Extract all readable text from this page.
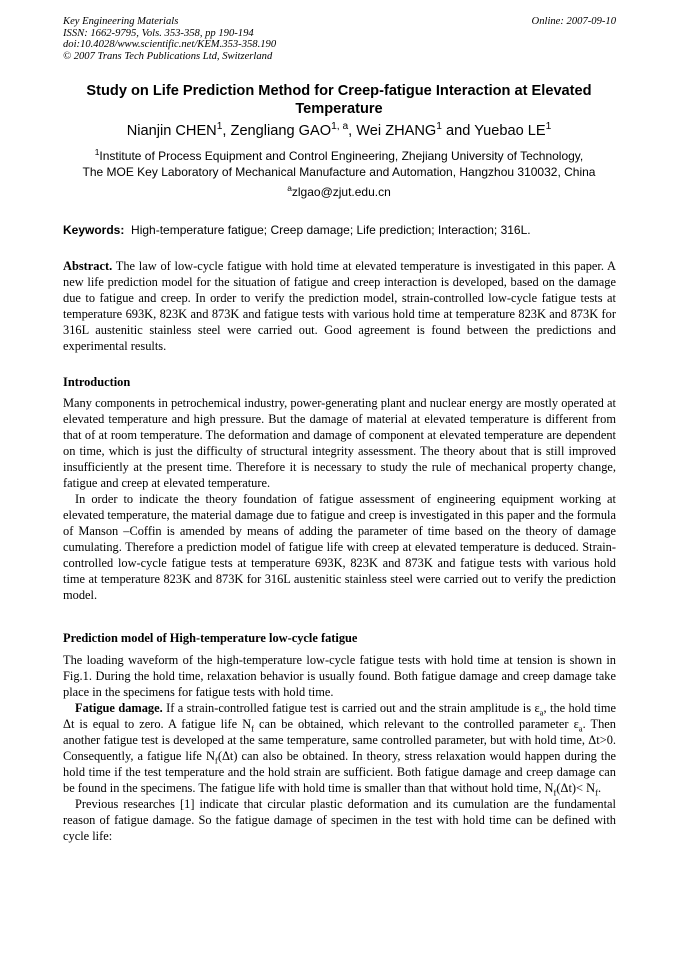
Key Engineering Materials
ISSN: 1662-9795, Vols. 353-358, pp 190-194
doi:10.4028/www.scientific.net/KEM.353-358.190
© 2007 Trans Tech Publications Ltd, Switzerland
Online: 2007-09-10
Study on Life Prediction Method for Creep-fatigue Interaction at Elevated Temperature
Nianjin CHEN$^1$, Zengliang GAO$^{1, a}$, Wei ZHANG$^1$ and Yuebao $LE^1$
$^1$Institute of Process Equipment and Control Engineering, Zhejiang University of Technology,
The MOE Key Laboratory of Mechanical Manufacture and Automation, Hangzhou 310032, China
$^a$zlgao@zjut.edu.cn
Keywords: High-temperature fatigue; Creep damage; Life prediction; Interaction; 316L.

Abstract. The law of low-cycle fatigue with hold time at elevated temperature is investigated in this paper. A new life prediction model for the situation of fatigue and creep interaction is developed, based on the damage due to fatigue and creep. In order to verify the prediction model, strain-controlled low-cycle fatigue tests at temperature 693K, 823K and 873K and fatigue tests with various hold time at temperature 823K and 873K for 316L austenitic stainless steel were carried out. Good agreement is found between the predictions and experimental results.

Introduction

Many components in petrochemical industry, power-generating plant and nuclear energy are mostly operated at elevated temperature and high pressure. But the damage of material at elevated temperature is different from that of at room temperature. The deformation and damage of component at elevated temperature are dependent on time, which is just the difficulty of structural integrity assessment. The theory about that is still improved insufficiently at the present time. Therefore it is necessary to study the rule of mechanical property change, fatigue and creep at elevated temperature.

In order to indicate the theory foundation of fatigue assessment of engineering equipment working at elevated temperature, the material damage due to fatigue and creep is investigated in this paper and the formula of Manson –Coffin is amended by means of adding the parameter of time based on the theory of damage cumulating. Therefore a prediction model of fatigue life with creep at elevated temperature is deduced. Strain-controlled low-cycle fatigue tests at temperature 693K, 823K and 873K and fatigue tests with various hold time at temperature 823K and 873K for 316L austenitic stainless steel were carried out to verify the prediction model.

Prediction model of High-temperature low-cycle fatigue

The loading waveform of the high-temperature low-cycle fatigue tests with hold time at tension is shown in Fig.1. During the hold time, relaxation behavior is usually found. Both fatigue damage and creep damage take place in the specimens for fatigue tests with hold time.

Fatigue damage. If a strain-controlled fatigue test is carried out and the strain amplitude is $\varepsilon_a$, the hold time Δt is equal to zero. A fatigue life $N_f$ can be obtained, which relevant to the controlled parameter $\varepsilon_a$. Then another fatigue test is developed at the same temperature, same controlled parameter, but with hold time, Δt>0. Consequently, a fatigue life $N_f(\Delta t)$ can also be obtained. In theory, stress relaxation would happen during the hold time if the test temperature and the hold strain are sufficient. Both fatigue damage and creep damage can be found in the specimens. The fatigue life with hold time is smaller than that without hold time, $N_f(\Delta t)< N_f$.

Previous researches [1] indicate that circular plastic deformation and its cumulation are the fundamental reason of fatigue damage. So the fatigue damage of specimen in the test with hold time can be defined with cycle life:
